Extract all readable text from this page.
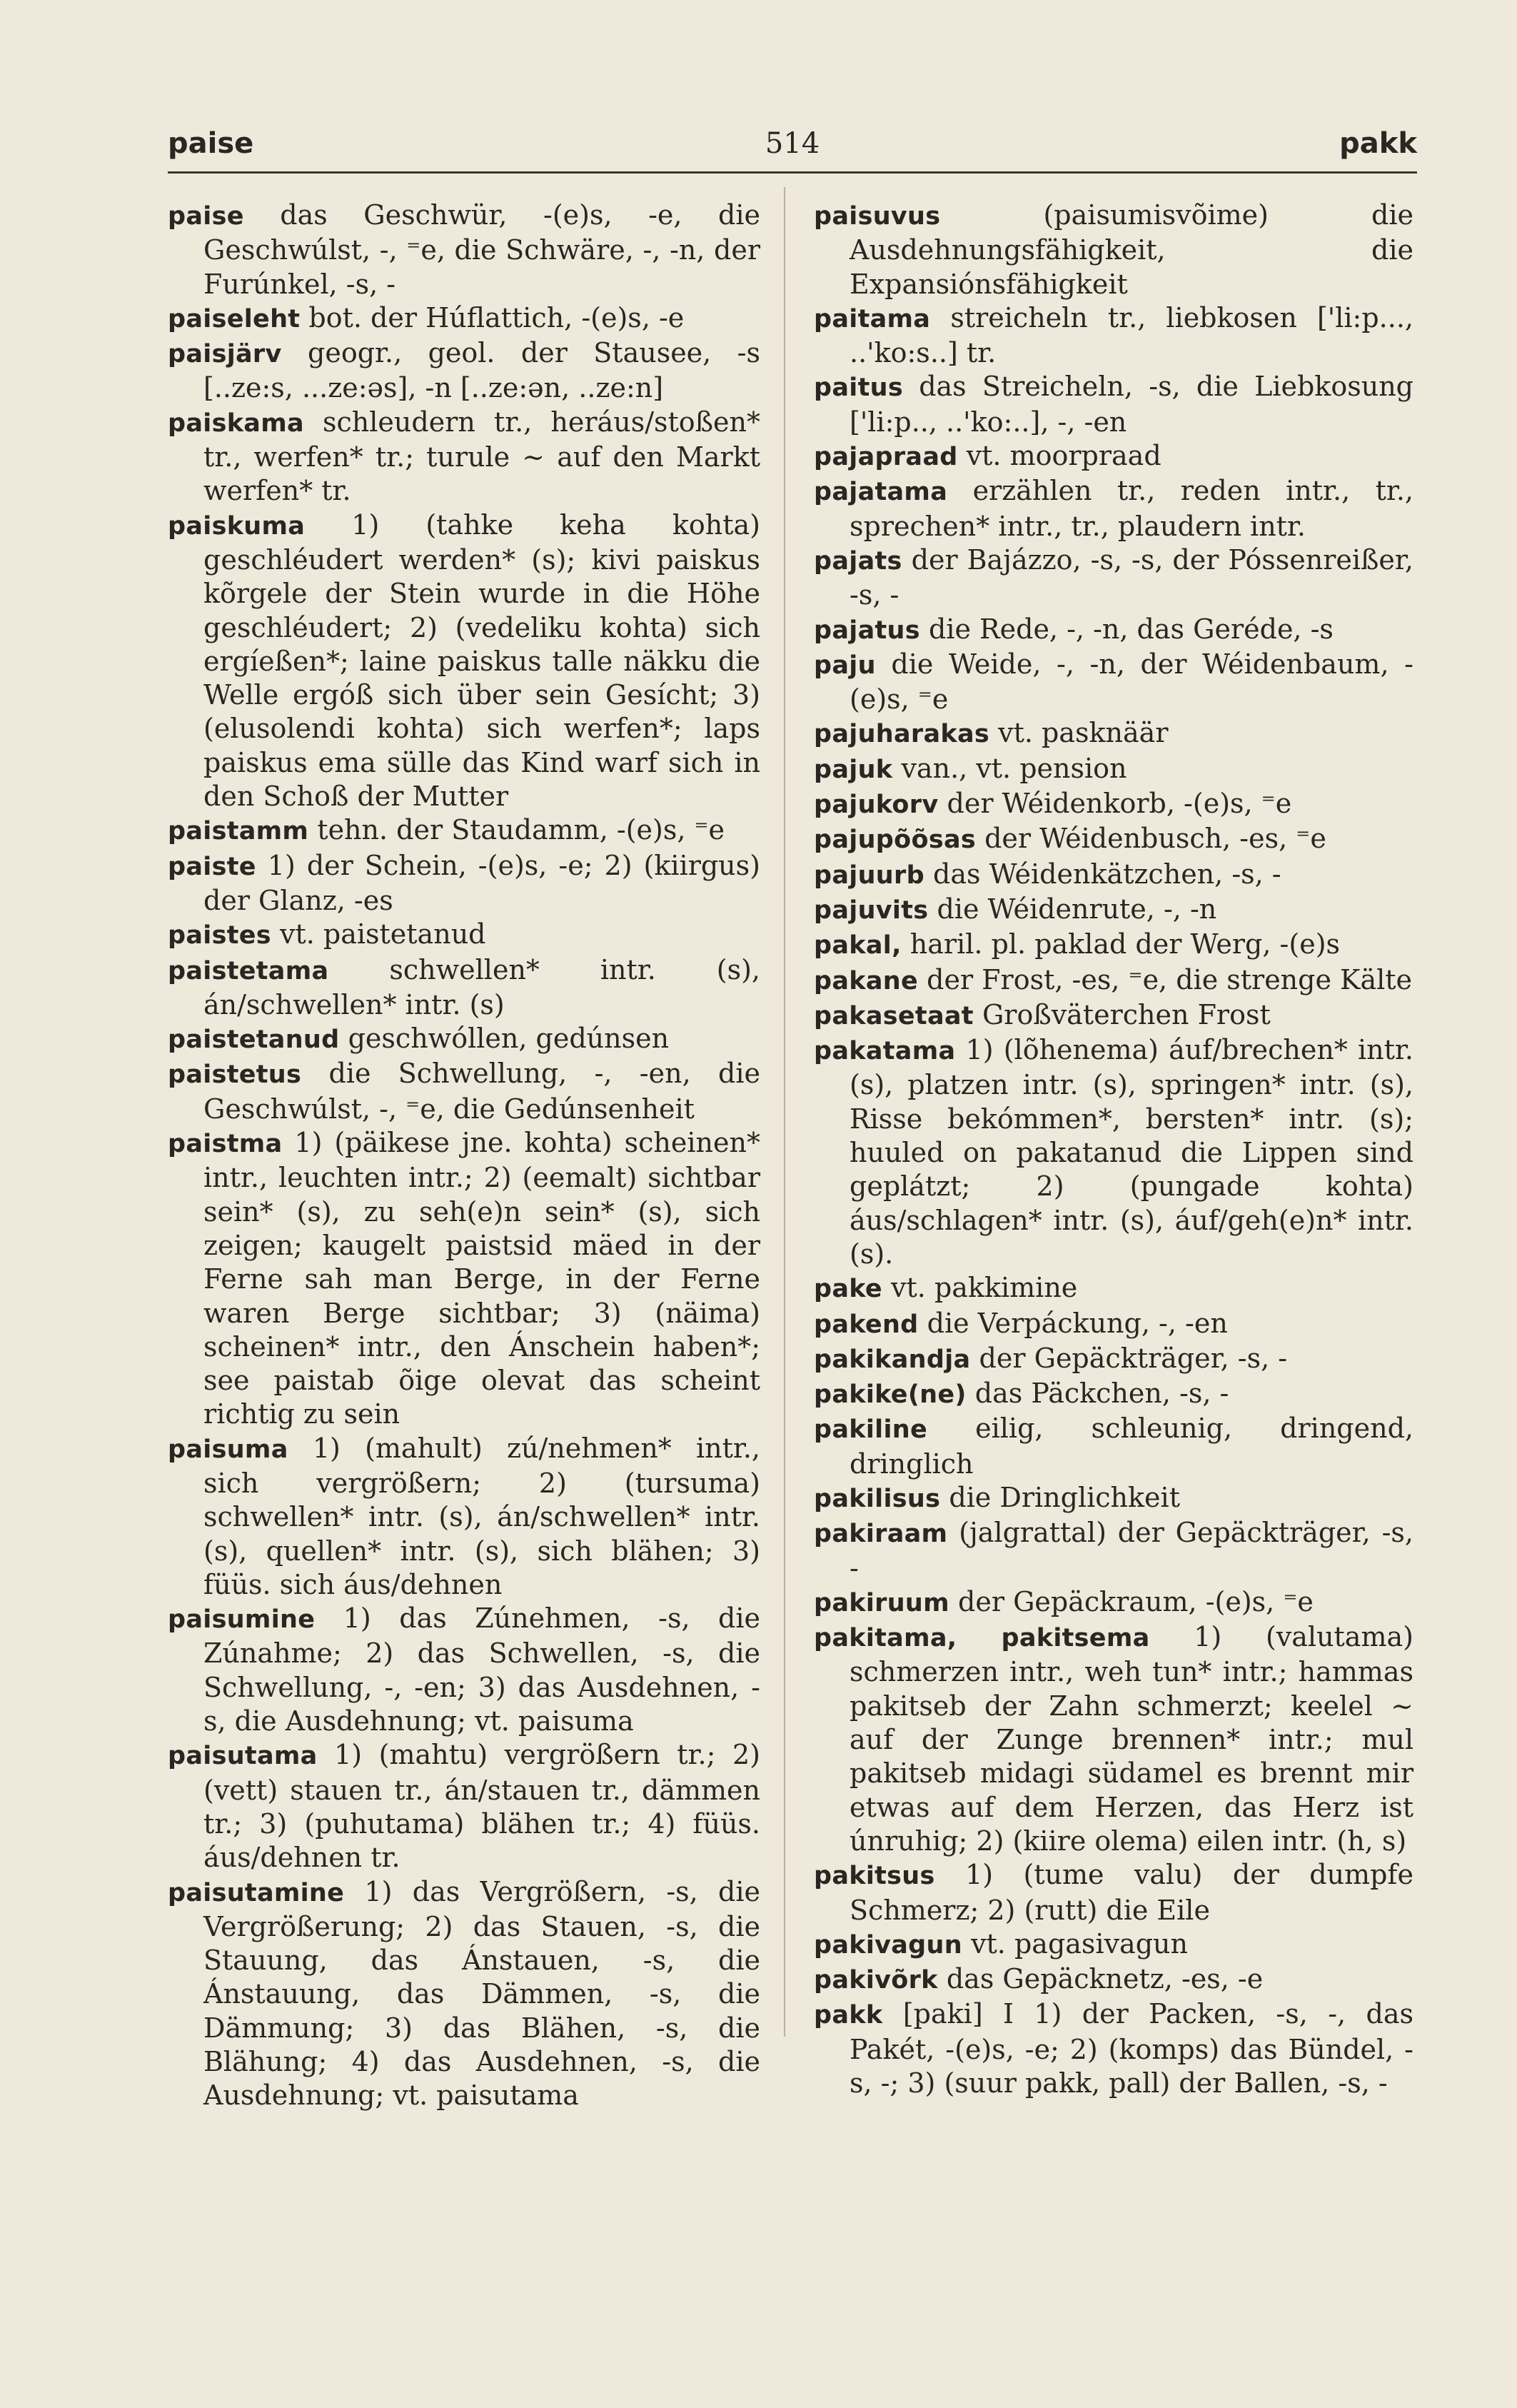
paise	514	pakk

paise das Geschwür, -(e)s, -e, die Geschwúlst, -, ⁼e, die Schwäre, -, -n, der Furúnkel, -s, -

paiseleht bot. der Húflattich, -(e)s, -e

paisjärv geogr., geol. der Stausee, -s [..ze:s, ...ze:əs], -n [..ze:ən, ..ze:n]

paiskama schleudern tr., heráus/stoßen* tr., werfen* tr.; turule ~ auf den Markt werfen* tr.

paiskuma 1) (tahke keha kohta) geschléudert werden* (s); kivi paiskus kõrgele der Stein wurde in die Höhe geschléudert; 2) (vedeliku kohta) sich ergíeßen*; laine paiskus talle näkku die Welle ergóß sich über sein Gesícht; 3) (elusolendi kohta) sich werfen*; laps paiskus ema sülle das Kind warf sich in den Schoß der Mutter

paistamm tehn. der Staudamm, -(e)s, ⁼e

paiste 1) der Schein, -(e)s, -e; 2) (kiirgus) der Glanz, -es

paistes vt. paistetanud

paistetama schwellen* intr. (s), án/schwellen* intr. (s)

paistetanud geschwóllen, gedúnsen

paistetus die Schwellung, -, -en, die Geschwúlst, -, ⁼e, die Gedúnsenheit

paistma 1) (päikese jne. kohta) scheinen* intr., leuchten intr.; 2) (eemalt) sichtbar sein* (s), zu seh(e)n sein* (s), sich zeigen; kaugelt paistsid mäed in der Ferne sah man Berge, in der Ferne waren Berge sichtbar; 3) (näima) scheinen* intr., den Ánschein haben*; see paistab õige olevat das scheint richtig zu sein

paisuma 1) (mahult) zú/nehmen* intr., sich vergrößern; 2) (tursuma) schwellen* intr. (s), án/schwellen* intr. (s), quellen* intr. (s), sich blähen; 3) füüs. sich áus/dehnen

paisumine 1) das Zúnehmen, -s, die Zúnahme; 2) das Schwellen, -s, die Schwellung, -, -en; 3) das Ausdehnen, -s, die Ausdehnung; vt. paisuma

paisutama 1) (mahtu) vergrößern tr.; 2) (vett) stauen tr., án/stauen tr., dämmen tr.; 3) (puhutama) blähen tr.; 4) füüs. áus/dehnen tr.

paisutamine 1) das Vergrößern, -s, die Vergrößerung; 2) das Stauen, -s, die Stauung, das Ánstauen, -s, die Ánstauung, das Dämmen, -s, die Dämmung; 3) das Blähen, -s, die Blähung; 4) das Ausdehnen, -s, die Ausdehnung; vt. paisutama

paisuvus	(paisumisvõime) die Ausdehnungsfähigkeit, die Expansiónsfähigkeit

paitama streicheln tr., liebkosen ['li:p..., ..'ko:s..] tr.

paitus das Streicheln, -s, die Liebkosung ['li:p.., ..'ko:..], -, -en

pajapraad vt. moorpraad

pajatama erzählen tr., reden intr., tr., sprechen* intr., tr., plaudern intr.

pajats der Bajázzo, -s, -s, der Póssenreißer, -s, -

pajatus die Rede, -, -n, das Geréde, -s

paju die Weide, -, -n, der Wéidenbaum, -(e)s, ⁼e

pajuharakas vt. pasknäär

pajuk van., vt. pension

pajukorv der Wéidenkorb, -(e)s, ⁼e

pajupõõsas der Wéidenbusch, -es, ⁼e

pajuurb das Wéidenkätzchen, -s, -

pajuvits die Wéidenrute, -, -n

pakal, haril. pl. paklad der Werg, -(e)s

pakane der Frost, -es, ⁼e, die strenge Kälte

pakasetaat Großväterchen Frost

pakatama 1) (lõhenema) áuf/brechen* intr. (s), platzen intr. (s), springen* intr. (s), Risse bekómmen*, bersten* intr. (s); huuled on pakatanud die Lippen sind geplátzt; 2) (pungade kohta) áus/schlagen* intr. (s), áuf/geh(e)n* intr. (s).

pake vt. pakkimine

pakend die Verpáckung, -, -en

pakikandja der Gepäckträger, -s, -

pakike(ne) das Päckchen, -s, -

pakiline eilig, schleunig, dringend, dringlich

pakilisus die Dringlichkeit

pakiraam (jalgrattal) der Gepäckträger, -s, -

pakiruum der Gepäckraum, -(e)s, ⁼e

pakitama, pakitsema 1) (valutama) schmerzen intr., weh tun* intr.; hammas pakitseb der Zahn schmerzt; keelel ~ auf der Zunge brennen* intr.; mul pakitseb midagi südamel es brennt mir etwas auf dem Herzen, das Herz ist únruhig; 2) (kiire olema) eilen intr. (h, s)

pakitsus 1) (tume valu) der dumpfe Schmerz; 2) (rutt) die Eile

pakivagun vt. pagasivagun

pakivõrk das Gepäcknetz, -es, -e

pakk [paki] I 1) der Packen, -s, -, das Pakét, -(e)s, -e; 2) (komps) das Bündel, -s, -; 3) (suur pakk, pall) der Ballen, -s, -
